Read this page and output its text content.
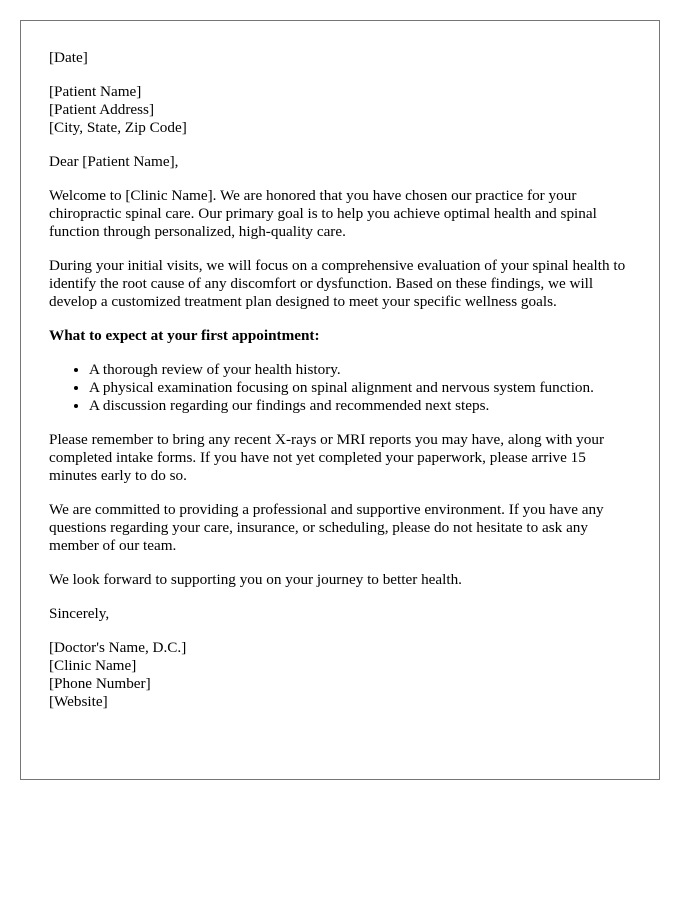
[Date]

[Patient Name]
[Patient Address]
[City, State, Zip Code]

Dear [Patient Name],

Welcome to [Clinic Name]. We are honored that you have chosen our practice for your chiropractic spinal care. Our primary goal is to help you achieve optimal health and spinal function through personalized, high-quality care.

During your initial visits, we will focus on a comprehensive evaluation of your spinal health to identify the root cause of any discomfort or dysfunction. Based on these findings, we will develop a customized treatment plan designed to meet your specific wellness goals.

What to expect at your first appointment:

• A thorough review of your health history.
• A physical examination focusing on spinal alignment and nervous system function.
• A discussion regarding our findings and recommended next steps.

Please remember to bring any recent X-rays or MRI reports you may have, along with your completed intake forms. If you have not yet completed your paperwork, please arrive 15 minutes early to do so.

We are committed to providing a professional and supportive environment. If you have any questions regarding your care, insurance, or scheduling, please do not hesitate to ask any member of our team.

We look forward to supporting you on your journey to better health.

Sincerely,

[Doctor's Name, D.C.]
[Clinic Name]
[Phone Number]
[Website]
